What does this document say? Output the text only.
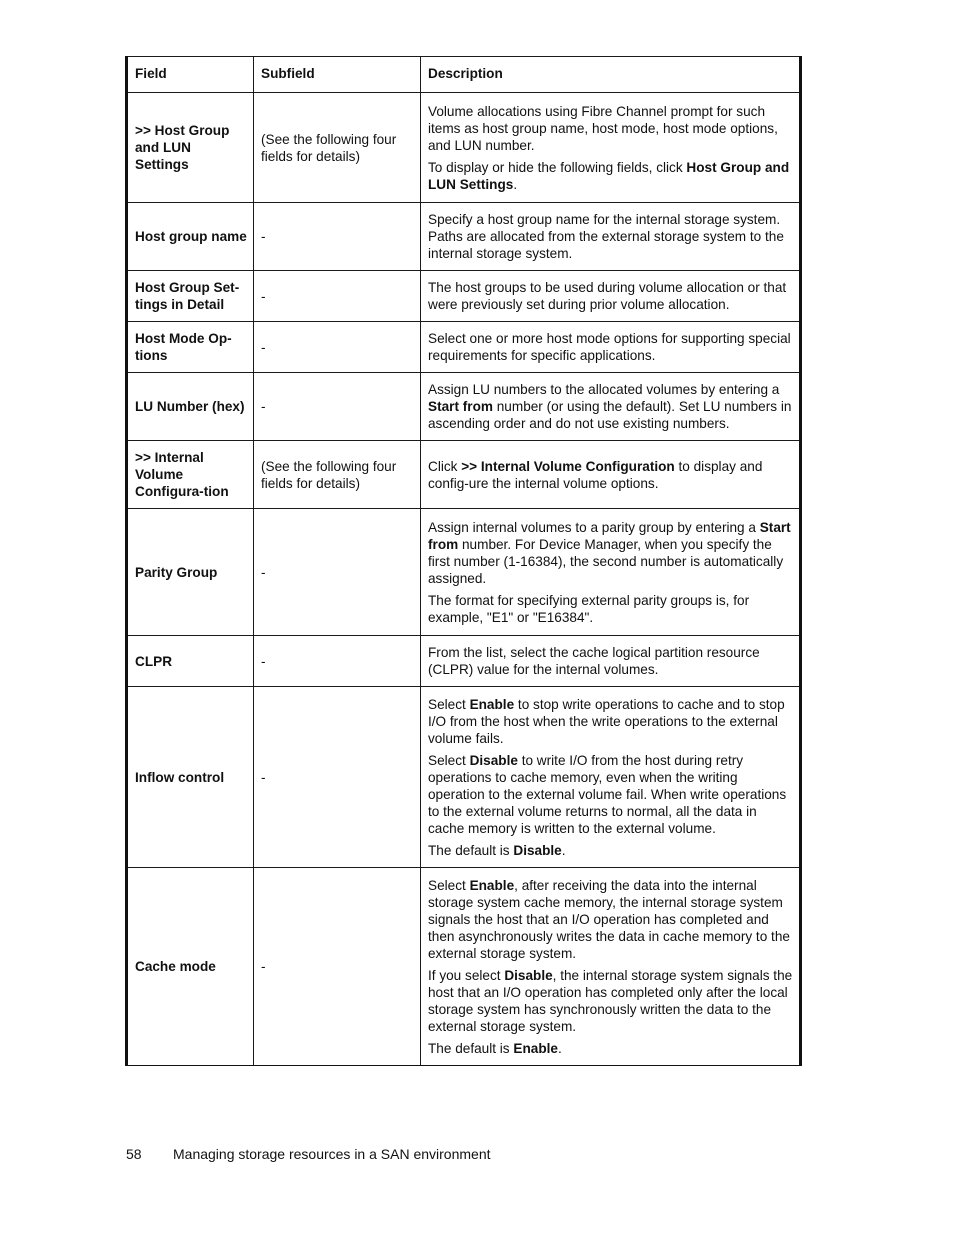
Field	Subfield	Description
>> Host Group and LUN Settings	(See the following four fields for details)	Volume allocations using Fibre Channel prompt for such items as host group name, host mode, host mode options, and LUN number.

To display or hide the following fields, click Host Group and LUN Settings.

Host group name	-	Specify a host group name for the internal storage system. Paths are allocated from the external storage system to the internal storage system.

Host Group Set-tings in Detail	-	The host groups to be used during volume allocation or that were previously set during prior volume allocation.

Host Mode Op-tions	-	Select one or more host mode options for supporting special requirements for specific applications.

LU Number (hex)	-	Assign LU numbers to the allocated volumes by entering a Start from number (or using the default). Set LU numbers in ascending order and do not use existing numbers.

>> Internal Volume Configura-tion	(See the following four fields for details)	Click >> Internal Volume Configuration to display and config-ure the internal volume options.

Parity Group	-	Assign internal volumes to a parity group by entering a Start from number. For Device Manager, when you specify the first number (1-16384), the second number is automatically assigned.

The format for specifying external parity groups is, for example, "E1" or "E16384".

CLPR	-	From the list, select the cache logical partition resource (CLPR) value for the internal volumes.

Inflow control	-	Select Enable to stop write operations to cache and to stop I/O from the host when the write operations to the external volume fails.

Select Disable to write I/O from the host during retry operations to cache memory, even when the writing operation to the external volume fail. When write operations to the external volume returns to normal, all the data in cache memory is written to the external volume.

The default is Disable.

Cache mode	-	Select Enable, after receiving the data into the internal storage system cache memory, the internal storage system signals the host that an I/O operation has completed and then asynchronously writes the data in cache memory to the external storage system.

If you select Disable, the internal storage system signals the host that an I/O operation has completed only after the local storage system has synchronously written the data to the external storage system.

The default is Enable.

58 Managing storage resources in a SAN environment
